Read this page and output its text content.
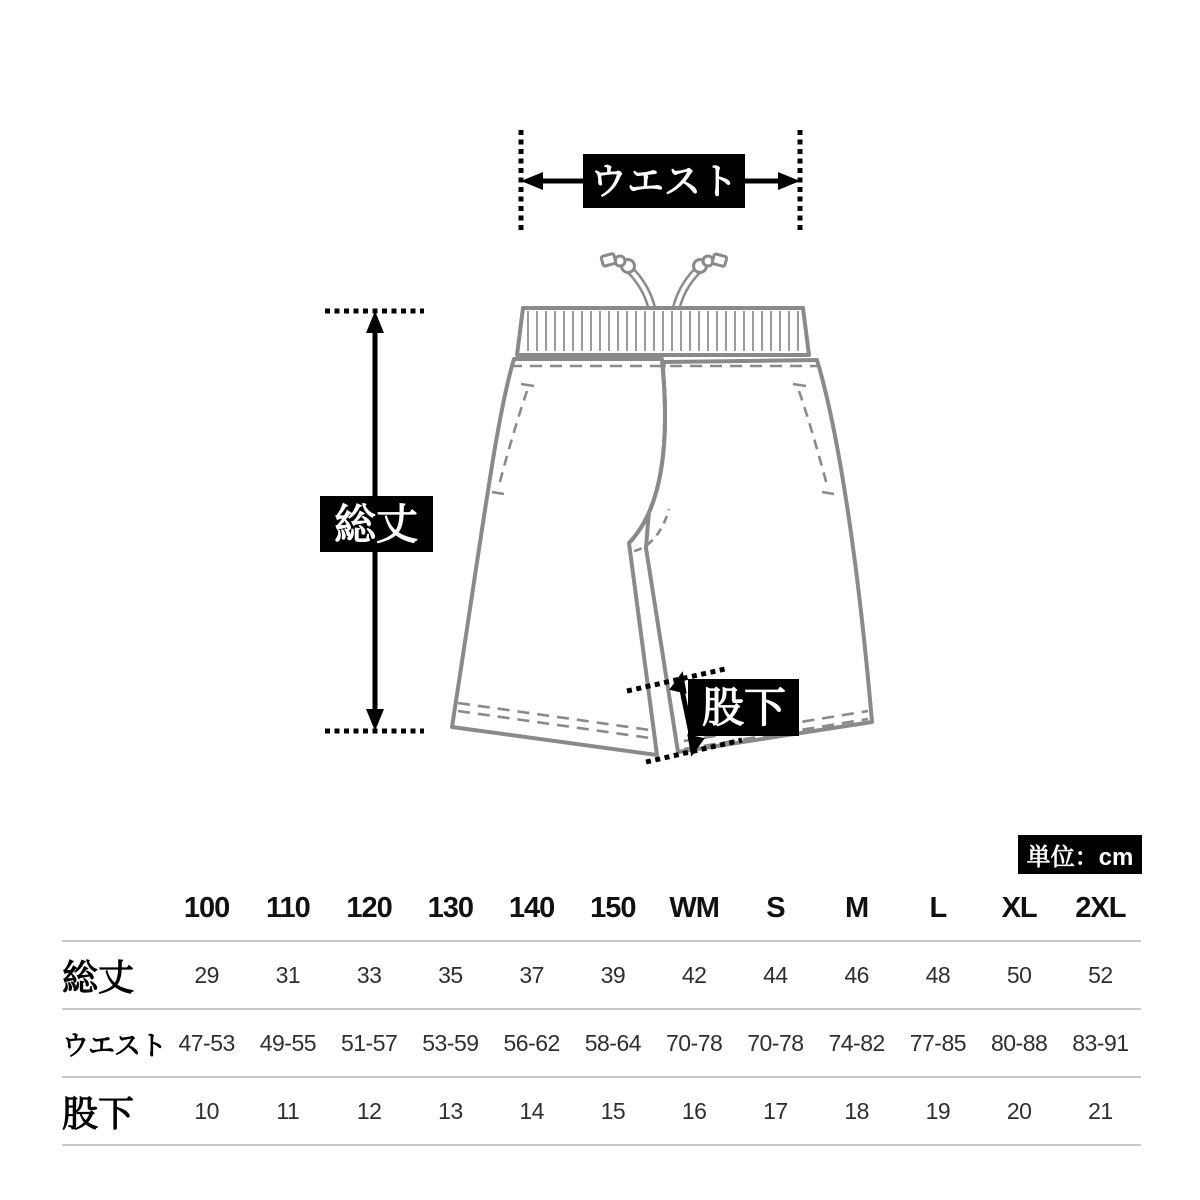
ウエスト
総丈
股下
単位：cm
100	110	120	130	140	150	WM	S	M	L	XL	2XL
総丈	29	31	33	35	37	39	42	44	46	48	50	52
ウエスト 47-53	49-55	51-57	53-59	56-62	58-64	70-78	70-78	74-82	77-85	80-88	83-91
股下	10	11	12	13	14	15	16	17	18	19	20	21
